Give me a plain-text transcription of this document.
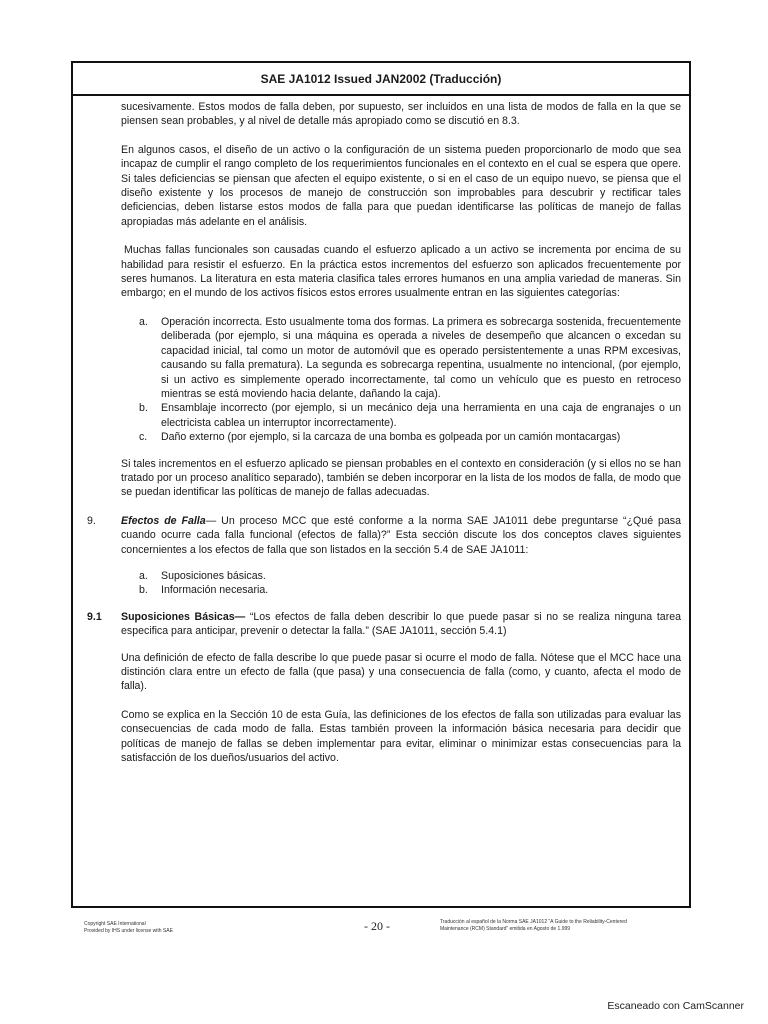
SAE JA1012 Issued JAN2002 (Traducción)

sucesivamente. Estos modos de falla deben, por supuesto, ser incluidos en una lista de modos de falla en la que se piensen sean probables, y al nivel de detalle más apropiado como se discutió en 8.3.

En algunos casos, el diseño de un activo o la configuración de un sistema pueden proporcionarlo de modo que sea incapaz de cumplir el rango completo de los requerimientos funcionales en el contexto en el cual se espera que opere. Si tales deficiencias se piensan que afecten el equipo existente, o si en el caso de un equipo nuevo, se piensa que el diseño existente y los procesos de manejo de construcción son improbables para descubrir y rectificar tales deficiencias, deben listarse estos modos de falla para que puedan identificarse las políticas de manejo de fallas apropiadas más adelante en el análisis.

Muchas fallas funcionales son causadas cuando el esfuerzo aplicado a un activo se incrementa por encima de su habilidad para resistir el esfuerzo. En la práctica estos incrementos del esfuerzo son aplicados frecuentemente por seres humanos. La literatura en esta materia clasifica tales errores humanos en una amplia variedad de maneras. Sin embargo; en el mundo de los activos físicos estos errores usualmente entran en las siguientes categorías:

a.	Operación incorrecta. Esto usualmente toma dos formas. La primera es sobrecarga sostenida, frecuentemente deliberada (por ejemplo, si una máquina es operada a niveles de desempeño que alcancen o excedan su capacidad inicial, tal como un motor de automóvil que es operado persistentemente a unas RPM excesivas, causando su falla prematura). La segunda es sobrecarga repentina, usualmente no intencional, (por ejemplo, si un activo es simplemente operado incorrectamente, tal como un vehículo que es puesto en retroceso mientras se está moviendo hacia delante, dañando la caja).
b.	Ensamblaje incorrecto (por ejemplo, si un mecánico deja una herramienta en una caja de engranajes o un electricista cablea un interruptor incorrectamente).
c.	Daño externo (por ejemplo, si la carcaza de una bomba es golpeada por un camión montacargas)

Si tales incrementos en el esfuerzo aplicado se piensan probables en el contexto en consideración (y si ellos no se han tratado por un proceso analítico separado), también se deben incorporar en la lista de los modos de falla, de modo que se puedan identificar las políticas de manejo de fallas adecuadas.

9.	Efectos de Falla— Un proceso MCC que esté conforme a la norma SAE JA1011 debe preguntarse “¿Qué pasa cuando ocurre cada falla funcional (efectos de falla)?” Esta sección discute los dos conceptos claves siguientes concernientes a los efectos de falla que son listados en la sección 5.4 de SAE JA1011:
a.	Suposiciones básicas.
b.	Información necesaria.
9.1	Suposiciones Básicas— “Los efectos de falla deben describir lo que puede pasar si no se realiza ninguna tarea especifica para anticipar, prevenir o detectar la falla.” (SAE JA1011, sección 5.4.1)

Una definición de efecto de falla describe lo que puede pasar si ocurre el modo de falla. Nótese que el MCC hace una distinción clara entre un efecto de falla (que pasa) y una consecuencia de falla (como, y cuanto, afecta el modo de falla).

Como se explica en la Sección 10 de esta Guía, las definiciones de los efectos de falla son utilizadas para evaluar las consecuencias de cada modo de falla. Estas también proveen la información básica necesaria para decidir que políticas de manejo de fallas se deben implementar para evitar, eliminar o minimizar estas consecuencias para la satisfacción de los dueños/usuarios del activo.

Copyright SAE International
Provided by IHS under license with SAE	- 20 -	Traducción al español de la Norma SAE JA1012 “A Guide to the Reliability-Centered
Maintenance (RCM) Standard” emitida en Agosto de 1.999
Escaneado con CamScanner
